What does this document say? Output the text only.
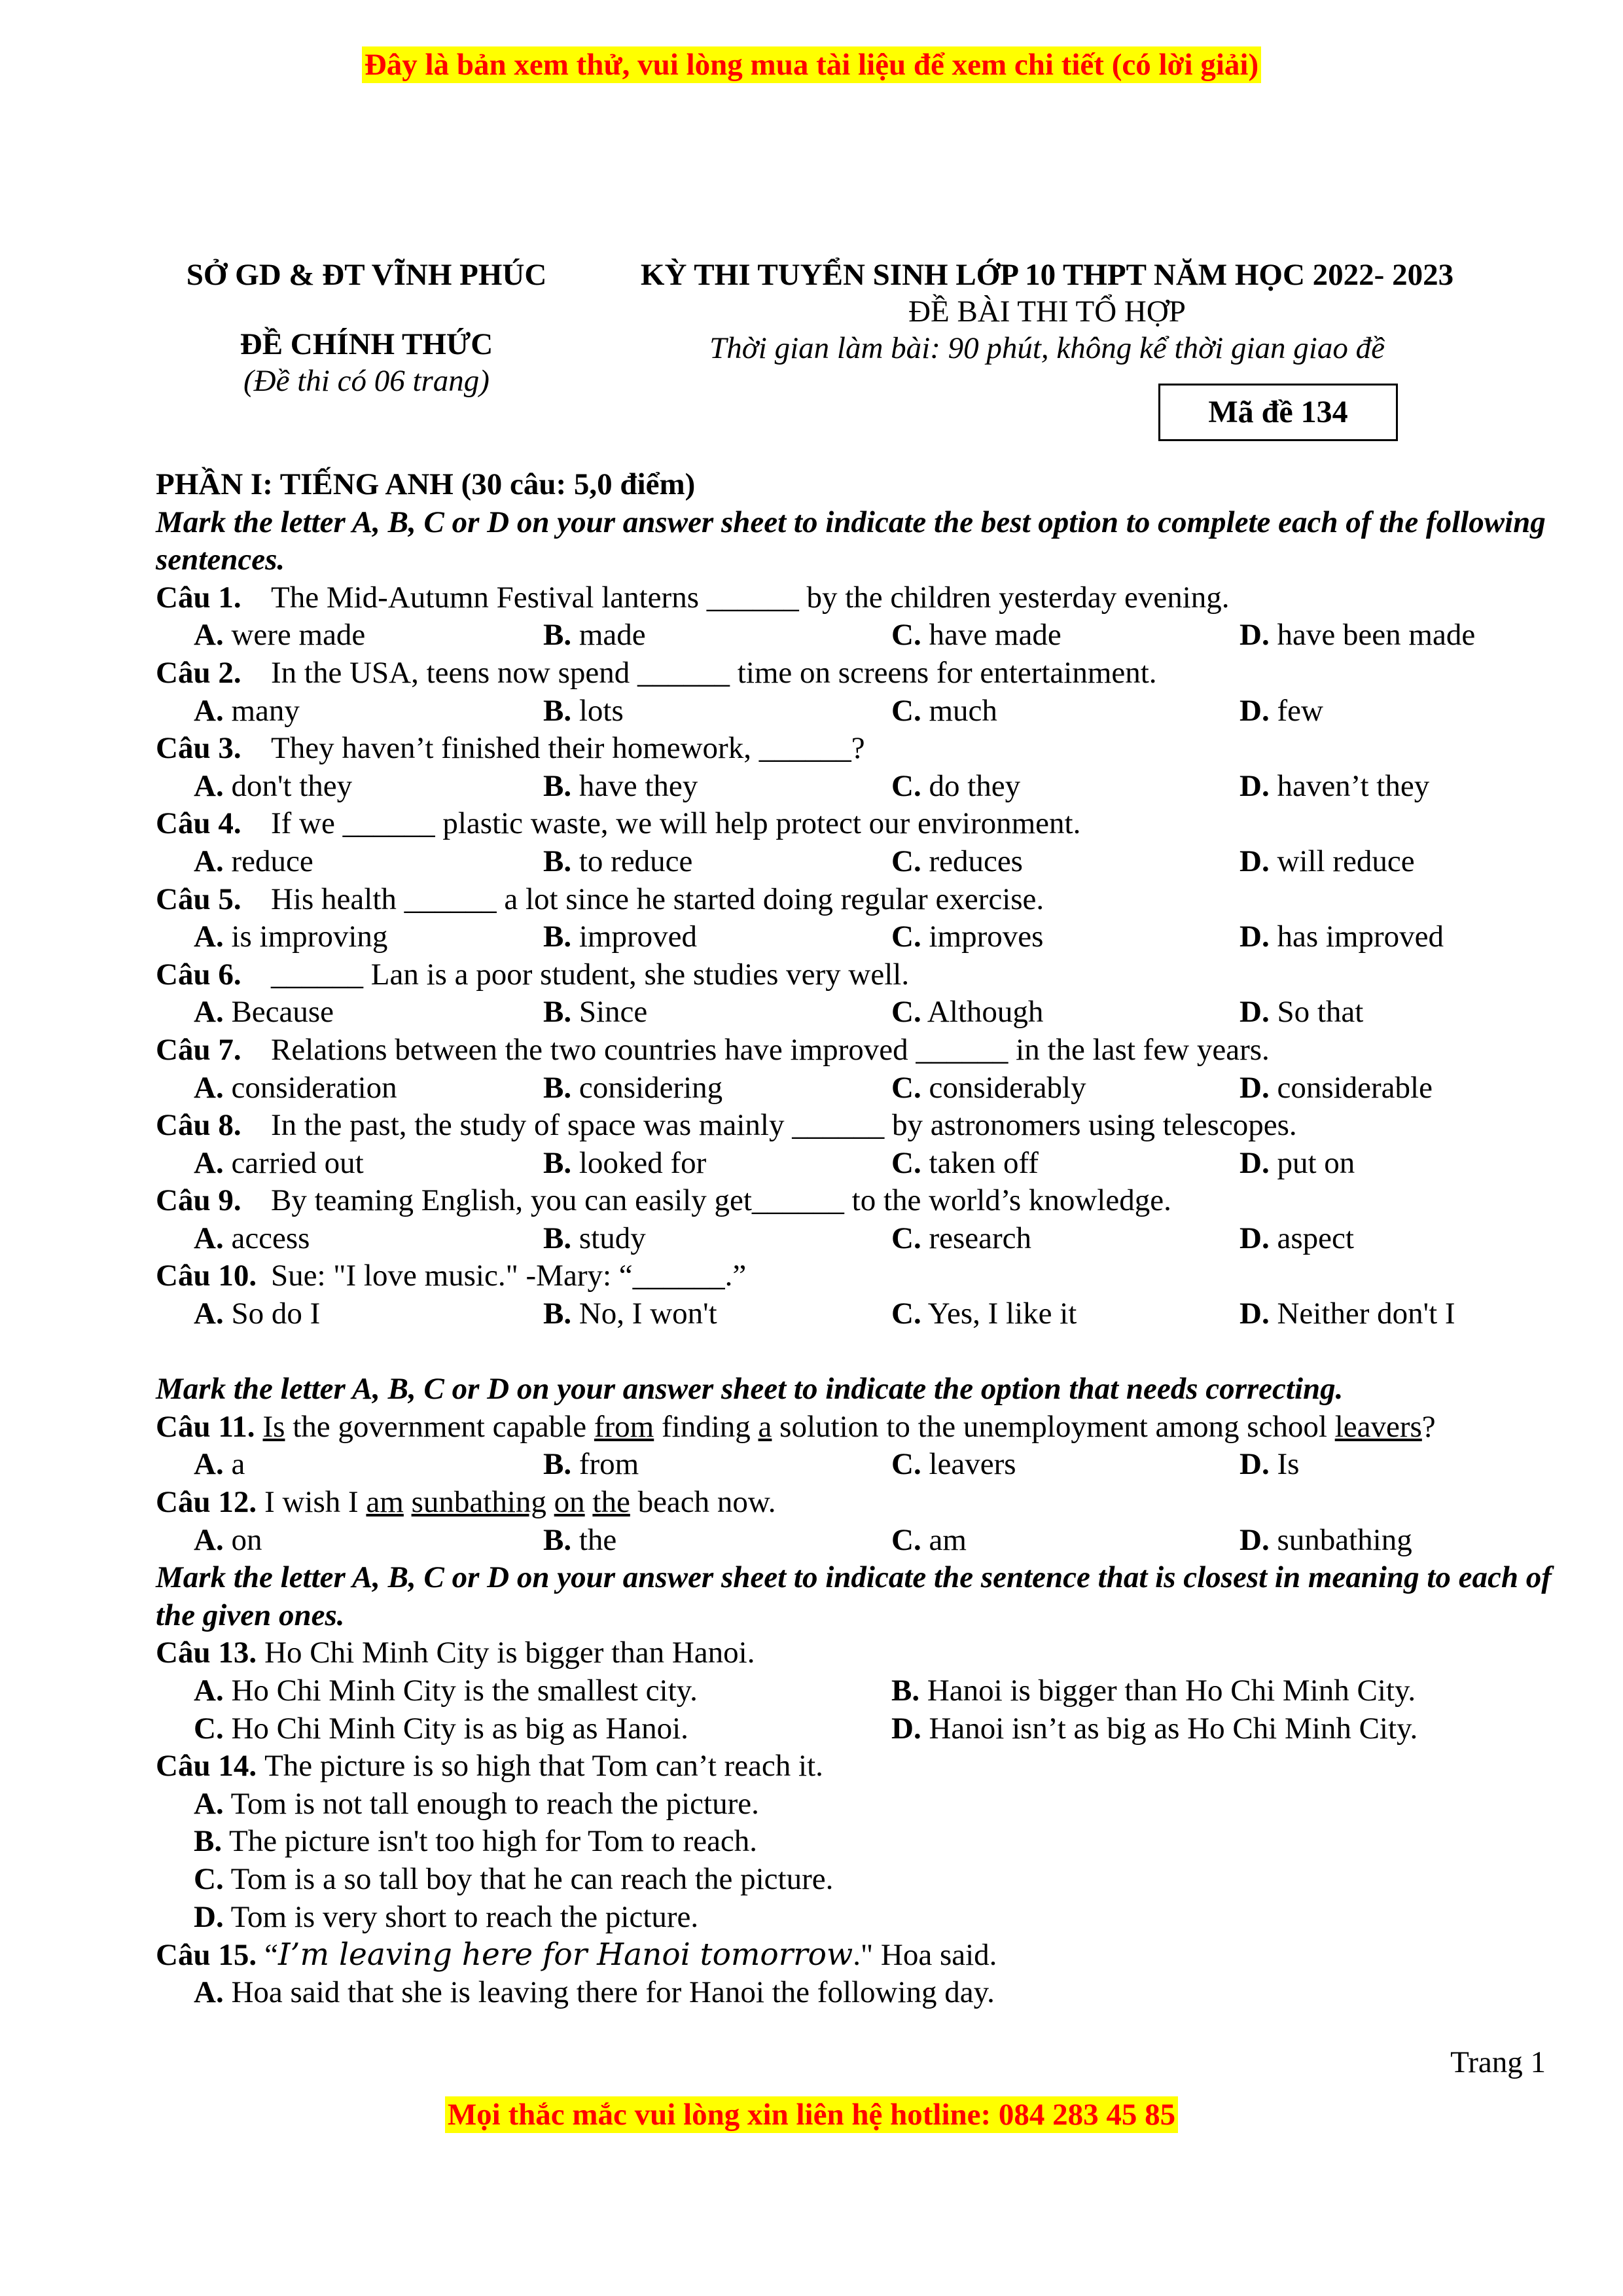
Đây là bản xem thử, vui lòng mua tài liệu để xem chi tiết (có lời giải)
SỞ GD & ĐT VĨNH PHÚC
ĐỀ CHÍNH THỨC
(Đề thi có 06 trang)
KỲ THI TUYỂN SINH LỚP 10 THPT NĂM HỌC 2022- 2023
ĐỀ BÀI THI TỔ HỢP
Thời gian làm bài: 90 phút, không kể thời gian giao đề
Mã đề 134
PHẦN I: TIẾNG ANH (30 câu: 5,0 điểm)
Mark the letter A, B, C or D on your answer sheet to indicate the best option to complete each of the following sentences.
Câu 1. The Mid-Autumn Festival lanterns ______ by the children yesterday evening.
A. were made	B. made	C. have made	D. have been made
Câu 2. In the USA, teens now spend ______ time on screens for entertainment.
A. many	B. lots	C. much	D. few
Câu 3. They haven’t finished their homework, ______?
A. don't they	B. have they	C. do they	D. haven’t they
Câu 4. If we ______ plastic waste, we will help protect our environment.
A. reduce	B. to reduce	C. reduces	D. will reduce
Câu 5. His health ______ a lot since he started doing regular exercise.
A. is improving	B. improved	C. improves	D. has improved
Câu 6. ______ Lan is a poor student, she studies very well.
A. Because	B. Since	C. Although	D. So that
Câu 7. Relations between the two countries have improved ______ in the last few years.
A. consideration	B. considering	C. considerably	D. considerable
Câu 8. In the past, the study of space was mainly ______ by astronomers using telescopes.
A. carried out	B. looked for	C. taken off	D. put on
Câu 9. By teaming English, you can easily get______ to the world’s knowledge.
A. access	B. study	C. research	D. aspect
Câu 10. Sue: "I love music." -Mary: “______.”
A. So do I	B. No, I won't	C. Yes, I like it	D. Neither don't I
Mark the letter A, B, C or D on your answer sheet to indicate the option that needs correcting.
Câu 11. Is the government capable from finding a solution to the unemployment among school leavers?
A. a	B. from	C. leavers	D. Is
Câu 12. I wish I am sunbathing on the beach now.
A. on	B. the	C. am	D. sunbathing
Mark the letter A, B, C or D on your answer sheet to indicate the sentence that is closest in meaning to each of the given ones.
Câu 13. Ho Chi Minh City is bigger than Hanoi.
A. Ho Chi Minh City is the smallest city.	B. Hanoi is bigger than Ho Chi Minh City.
C. Ho Chi Minh City is as big as Hanoi.	D. Hanoi isn’t as big as Ho Chi Minh City.
Câu 14. The picture is so high that Tom can’t reach it.
A. Tom is not tall enough to reach the picture.
B. The picture isn't too high for Tom to reach.
C. Tom is a so tall boy that he can reach the picture.
D. Tom is very short to reach the picture.
Câu 15. “I’m leaving here for Hanoi tomorrow." Hoa said.
A. Hoa said that she is leaving there for Hanoi the following day.
Trang 1
Mọi thắc mắc vui lòng xin liên hệ hotline: 084 283 45 85
